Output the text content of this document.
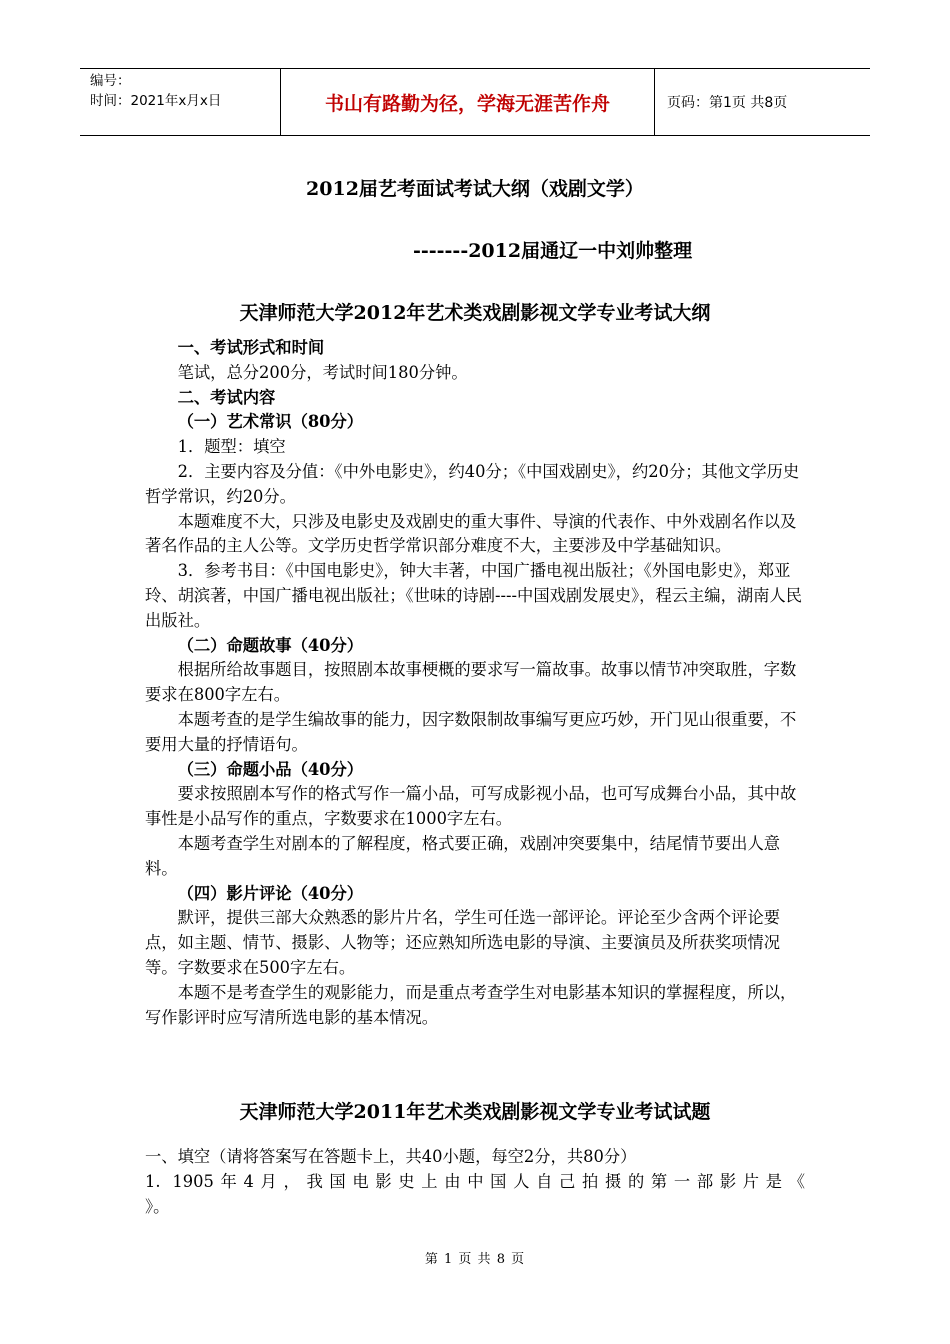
编号：
时间：2021年x月x日	书山有路勤为径，学海无涯苦作舟	页码：第1页 共8页
2012届艺考面试考试大纲（戏剧文学）
-------2012届通辽一中刘帅整理
天津师范大学2012年艺术类戏剧影视文学专业考试大纲

一、考试形式和时间

笔试，总分200分，考试时间180分钟。

二、考试内容

（一）艺术常识（80分）

1．题型：填空

2．主要内容及分值：《中外电影史》，约40分；《中国戏剧史》，约20分；其他文学历史哲学常识，约20分。

本题难度不大，只涉及电影史及戏剧史的重大事件、导演的代表作、中外戏剧名作以及著名作品的主人公等。文学历史哲学常识部分难度不大，主要涉及中学基础知识。

3．参考书目：《中国电影史》，钟大丰著，中国广播电视出版社；《外国电影史》，郑亚玲、胡滨著，中国广播电视出版社；《世味的诗剧----中国戏剧发展史》，程云主编，湖南人民出版社。

（二）命题故事（40分）

根据所给故事题目，按照剧本故事梗概的要求写一篇故事。故事以情节冲突取胜，字数要求在800字左右。

本题考查的是学生编故事的能力，因字数限制故事编写更应巧妙，开门见山很重要，不要用大量的抒情语句。

（三）命题小品（40分）

要求按照剧本写作的格式写作一篇小品，可写成影视小品，也可写成舞台小品，其中故事性是小品写作的重点，字数要求在1000字左右。

本题考查学生对剧本的了解程度，格式要正确，戏剧冲突要集中，结尾情节要出人意料。

（四）影片评论（40分）

默评，提供三部大众熟悉的影片片名，学生可任选一部评论。评论至少含两个评论要点，如主题、情节、摄影、人物等；还应熟知所选电影的导演、主要演员及所获奖项情况等。字数要求在500字左右。

本题不是考查学生的观影能力，而是重点考查学生对电影基本知识的掌握程度，所以，写作影评时应写清所选电影的基本情况。

天津师范大学2011年艺术类戏剧影视文学专业考试试题

一、填空（请将答案写在答题卡上，共40小题，每空2分，共80分）

1. 1905年4月，我国电影史上由中国人自己拍摄的第一部影片是《

》。

第 1 页 共 8 页
